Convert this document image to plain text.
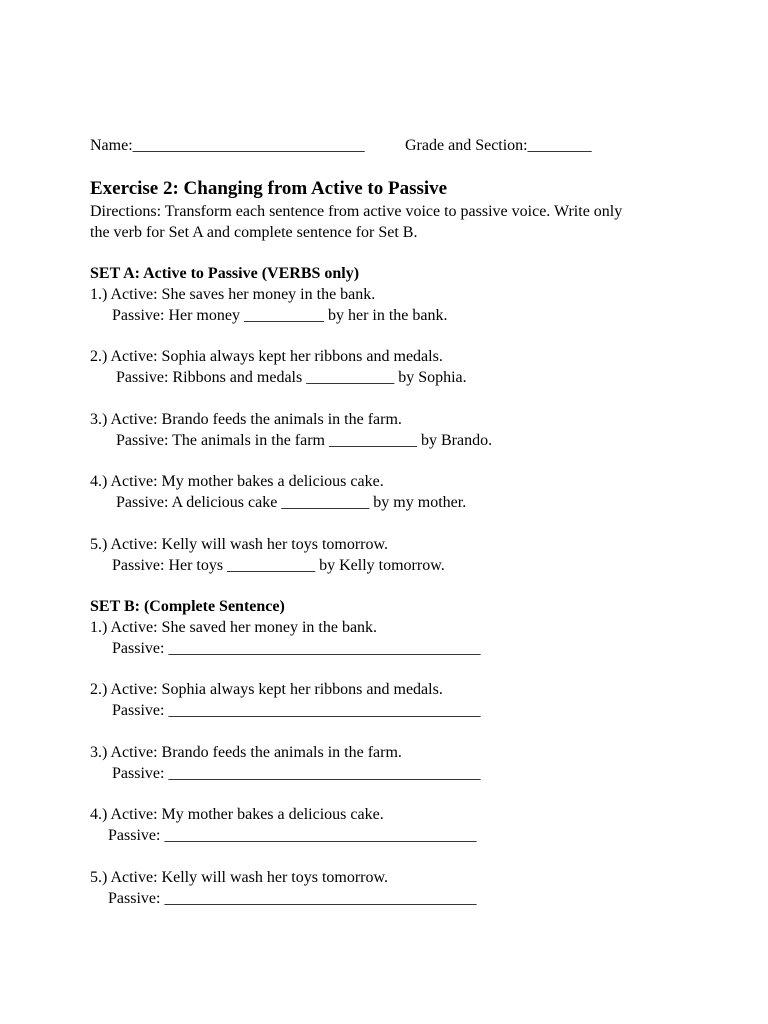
Name:_____________________________	Grade and Section:________
Exercise 2: Changing from Active to Passive
Directions: Transform each sentence from active voice to passive voice. Write only
the verb for Set A and complete sentence for Set B.
SET A: Active to Passive (VERBS only)
1.) Active: She saves her money in the bank.
Passive: Her money __________ by her in the bank.
2.) Active: Sophia always kept her ribbons and medals.
Passive: Ribbons and medals ___________ by Sophia.
3.) Active: Brando feeds the animals in the farm.
Passive: The animals in the farm ___________ by Brando.
4.) Active: My mother bakes a delicious cake.
Passive: A delicious cake ___________ by my mother.
5.) Active: Kelly will wash her toys tomorrow.
Passive: Her toys ___________ by Kelly tomorrow.
SET B: (Complete Sentence)
1.) Active: She saved her money in the bank.
Passive: _______________________________________
2.) Active: Sophia always kept her ribbons and medals.
Passive: _______________________________________
3.) Active: Brando feeds the animals in the farm.
Passive: _______________________________________
4.) Active: My mother bakes a delicious cake.
Passive: _______________________________________
5.) Active: Kelly will wash her toys tomorrow.
Passive: _______________________________________
